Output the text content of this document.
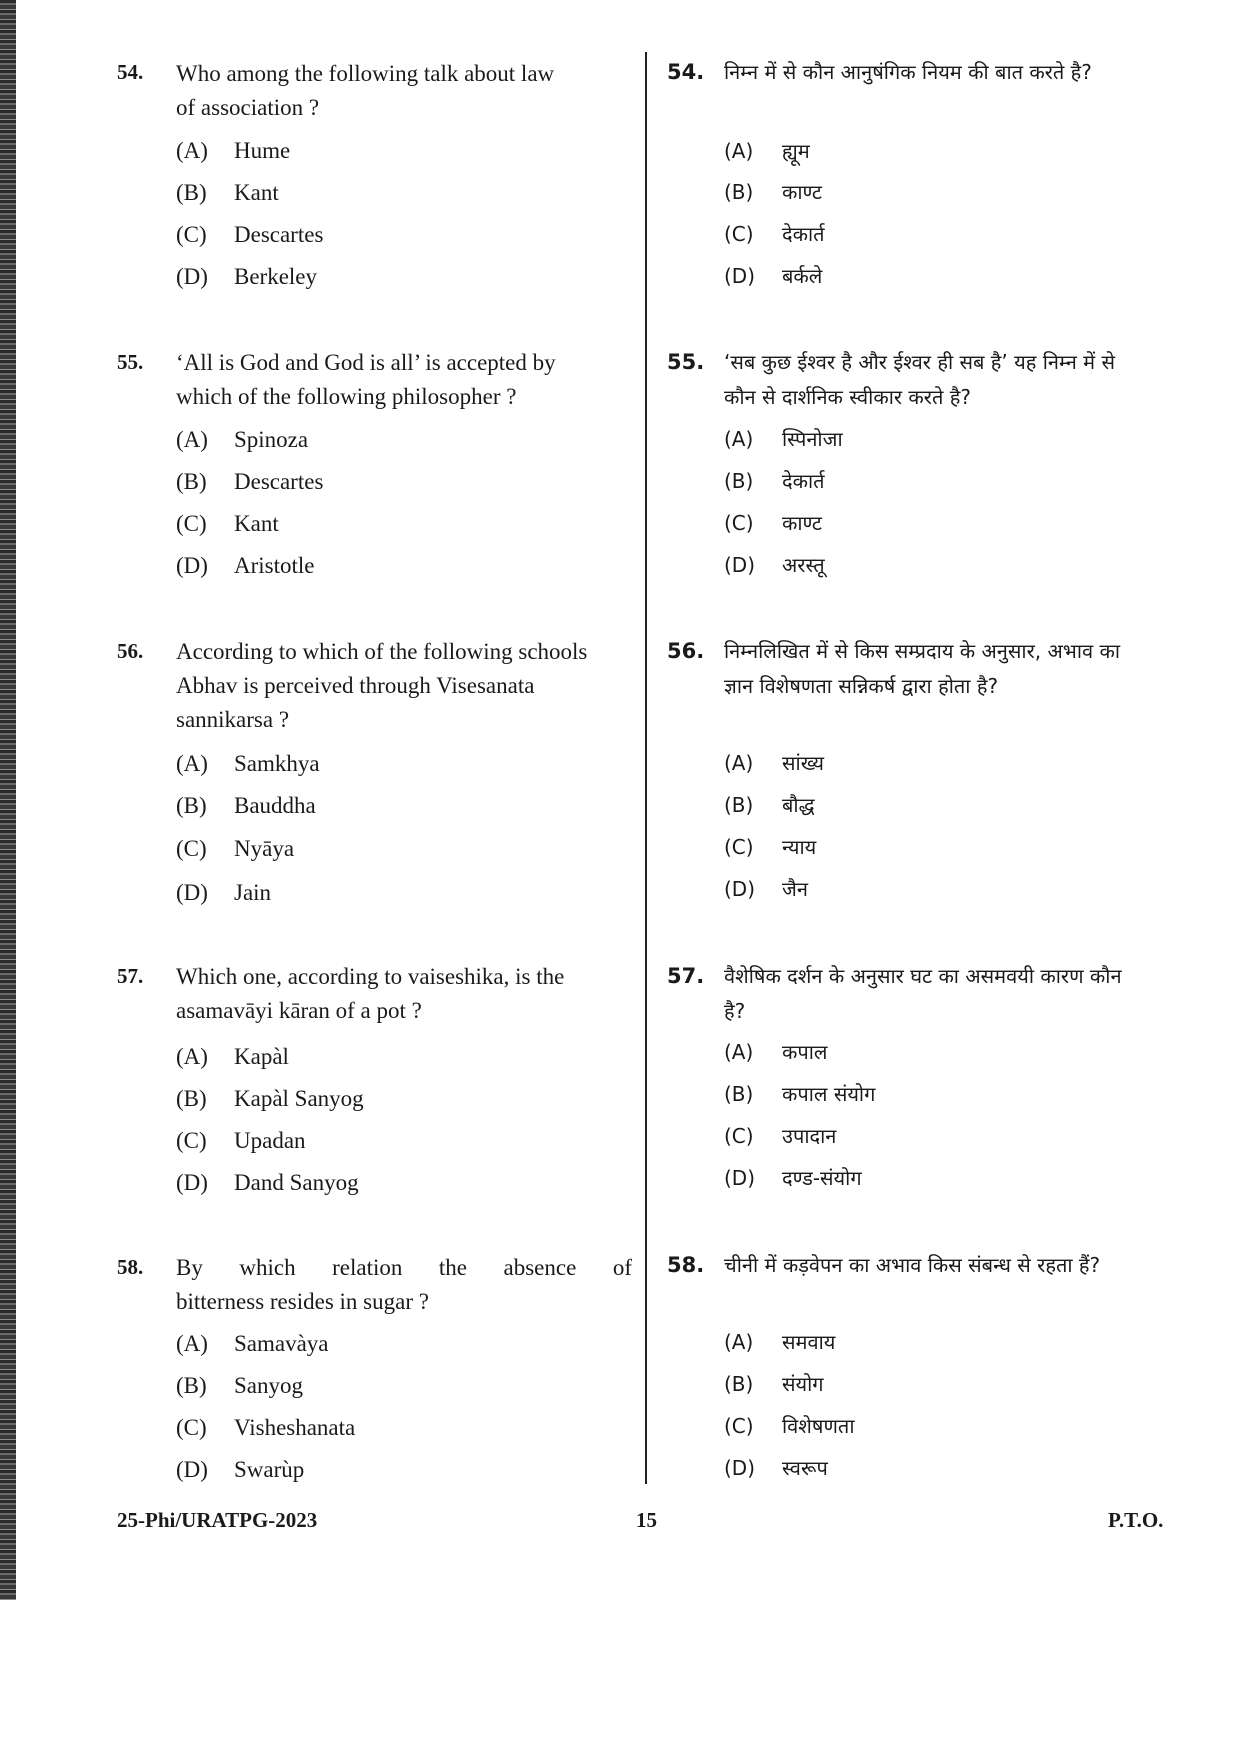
54. Who among the following talk about law
of association ?
(A) Hume
(B) Kant
(C) Descartes
(D) Berkeley
55. ‘All is God and God is all’ is accepted by
which of the following philosopher ?
(A) Spinoza
(B) Descartes
(C) Kant
(D) Aristotle
56. According to which of the following schools
Abhav is perceived through Visesanata
sannikarsa ?
(A) Samkhya
(B) Bauddha
(C) Nyāya
(D) Jain
57. Which one, according to vaiseshika, is the
asamavāyi kāran of a pot ?
(A) Kapàl
(B) Kapàl Sanyog
(C) Upadan
(D) Dand Sanyog
58. By which relation the absence of
bitterness resides in sugar ?
(A) Samavàya
(B) Sanyog
(C) Visheshanata
(D) Swarùp
54. निम्न में से कौन आनुषंगिक नियम की बात करते है?
(A) ह्यूम
(B) काण्ट
(C) देकार्त
(D) बर्कले
55. ‘सब कुछ ईश्वर है और ईश्वर ही सब है’ यह निम्न में से
कौन से दार्शनिक स्वीकार करते है?
(A) स्पिनोजा
(B) देकार्त
(C) काण्ट
(D) अरस्तू
56. निम्नलिखित में से किस सम्प्रदाय के अनुसार, अभाव का
ज्ञान विशेषणता सन्निकर्ष द्वारा होता है?
(A) सांख्य
(B) बौद्ध
(C) न्याय
(D) जैन
57. वैशेषिक दर्शन के अनुसार घट का असमवयी कारण कौन
है?
(A) कपाल
(B) कपाल संयोग
(C) उपादान
(D) दण्ड-संयोग
58. चीनी में कड़वेपन का अभाव किस संबन्ध से रहता हैं?
(A) समवाय
(B) संयोग
(C) विशेषणता
(D) स्वरूप
25-Phi/URATPG-2023	15	P.T.O.
